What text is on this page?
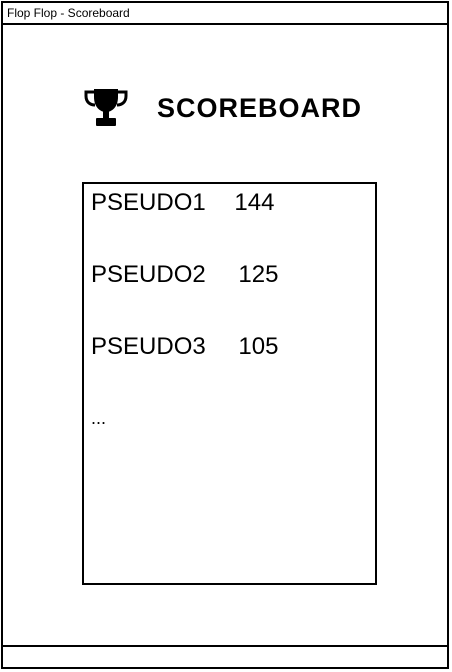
Flop Flop - Scoreboard
SCOREBOARD
PSEUDO1 144
PSEUDO2 125
PSEUDO3 105
...
